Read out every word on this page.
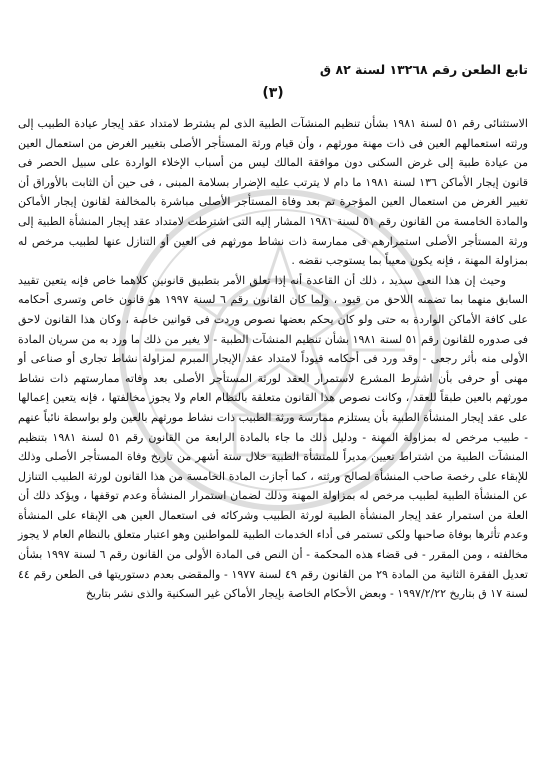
تابع الطعن رقم ١٣٢٦٨ لسنة ٨٢ ق
(٣)

الاستثنائى رقم ٥١ لسنة ١٩٨١ بشأن تنظيم المنشآت الطبية الذى لم يشترط لامتداد عقد إيجار عيادة الطبيب إلى ورثته استعمالهم العين فى ذات مهنة مورثهم ، وأن قيام ورثة المستأجر الأصلى بتغيير الغرض من استعمال العين من عيادة طبية إلى غرض السكنى دون موافقة المالك ليس من أسباب الإخلاء الواردة على سبيل الحصر فى قانون إيجار الأماكن ١٣٦ لسنة ١٩٨١ ما دام لا يترتب عليه الإضرار بسلامة المبنى ، فى حين أن الثابت بالأوراق أن تغيير الغرض من استعمال العين المؤجرة تم بعد وفاة المستأجر الأصلى مباشرة بالمخالفة لقانون إيجار الأماكن والمادة الخامسة من القانون رقم ٥١ لسنة ١٩٨١ المشار إليه التى اشترطت لامتداد عقد إيجار المنشأة الطبية إلى ورثة المستأجر الأصلى استمرارهم فى ممارسة ذات نشاط مورثهم فى العين أو التنازل عنها لطبيب مرخص له بمزاولة المهنة ، فإنه يكون معيباً بما يستوجب نقضه .

وحيث إن هذا النعى سديد ، ذلك أن القاعدة أنه إذا تعلق الأمر بتطبيق قانونين كلاهما خاص فإنه يتعين تقييد السابق منهما بما تضمنه اللاحق من قيود ، ولما كان القانون رقم ٦ لسنة ١٩٩٧ هو قانون خاص وتسرى أحكامه على كافة الأماكن الواردة به حتى ولو كان يحكم بعضها نصوص وردت فى قوانين خاصة ، وكان هذا القانون لاحق فى صدوره للقانون رقم ٥١ لسنة ١٩٨١ بشأن تنظيم المنشآت الطبية - لا يغير من ذلك ما ورد به من سريان المادة الأولى منه بأثر رجعى - وقد ورد فى أحكامه قيوداً لامتداد عقد الإيجار المبرم لمزاولة نشاط تجارى أو صناعى أو مهنى أو حرفى بأن اشترط المشرع لاستمرار العقد لورثة المستأجر الأصلى بعد وفاته ممارستهم ذات نشاط مورثهم بالعين طبقاً للعقد ، وكانت نصوص هذا القانون متعلقة بالنظام العام ولا يجوز مخالفتها ، فإنه يتعين إعمالها على عقد إيجار المنشأة الطبية بأن يستلزم ممارسة ورثة الطبيب ذات نشاط مورثهم بالعين ولو بواسطة نائباً عنهم - طبيب مرخص له بمزاولة المهنة - ودليل ذلك ما جاء بالمادة الرابعة من القانون رقم ٥١ لسنة ١٩٨١ بتنظيم المنشآت الطبية من اشتراط تعيين مديراً للمنشأة الطبية خلال ستة أشهر من تاريخ وفاة المستأجر الأصلى وذلك للإبقاء على رخصة صاحب المنشأة لصالح ورثته ، كما أجازت المادة الخامسة من هذا القانون لورثة الطبيب التنازل عن المنشأة الطبية لطبيب مرخص له بمزاولة المهنة وذلك لضمان استمرار المنشأة وعدم توقفها ، ويؤكد ذلك أن العلة من استمرار عقد إيجار المنشأة الطبية لورثة الطبيب وشركائه فى استعمال العين هى الإبقاء على المنشأة وعدم تأثرها بوفاة صاحبها ولكى تستمر فى أداء الخدمات الطبية للمواطنين وهو اعتبار متعلق بالنظام العام لا يجوز مخالفته ، ومن المقرر - فى قضاء هذه المحكمة - أن النص فى المادة الأولى من القانون رقم ٦ لسنة ١٩٩٧ بشأن تعديل الفقرة الثانية من المادة ٢٩ من القانون رقم ٤٩ لسنة ١٩٧٧ - والمقضى بعدم دستوريتها فى الطعن رقم ٤٤ لسنة ١٧ ق بتاريخ ١٩٩٧/٢/٢٢ - وبعض الأحكام الخاصة بإيجار الأماكن غير السكنية والذى نشر بتاريخ
